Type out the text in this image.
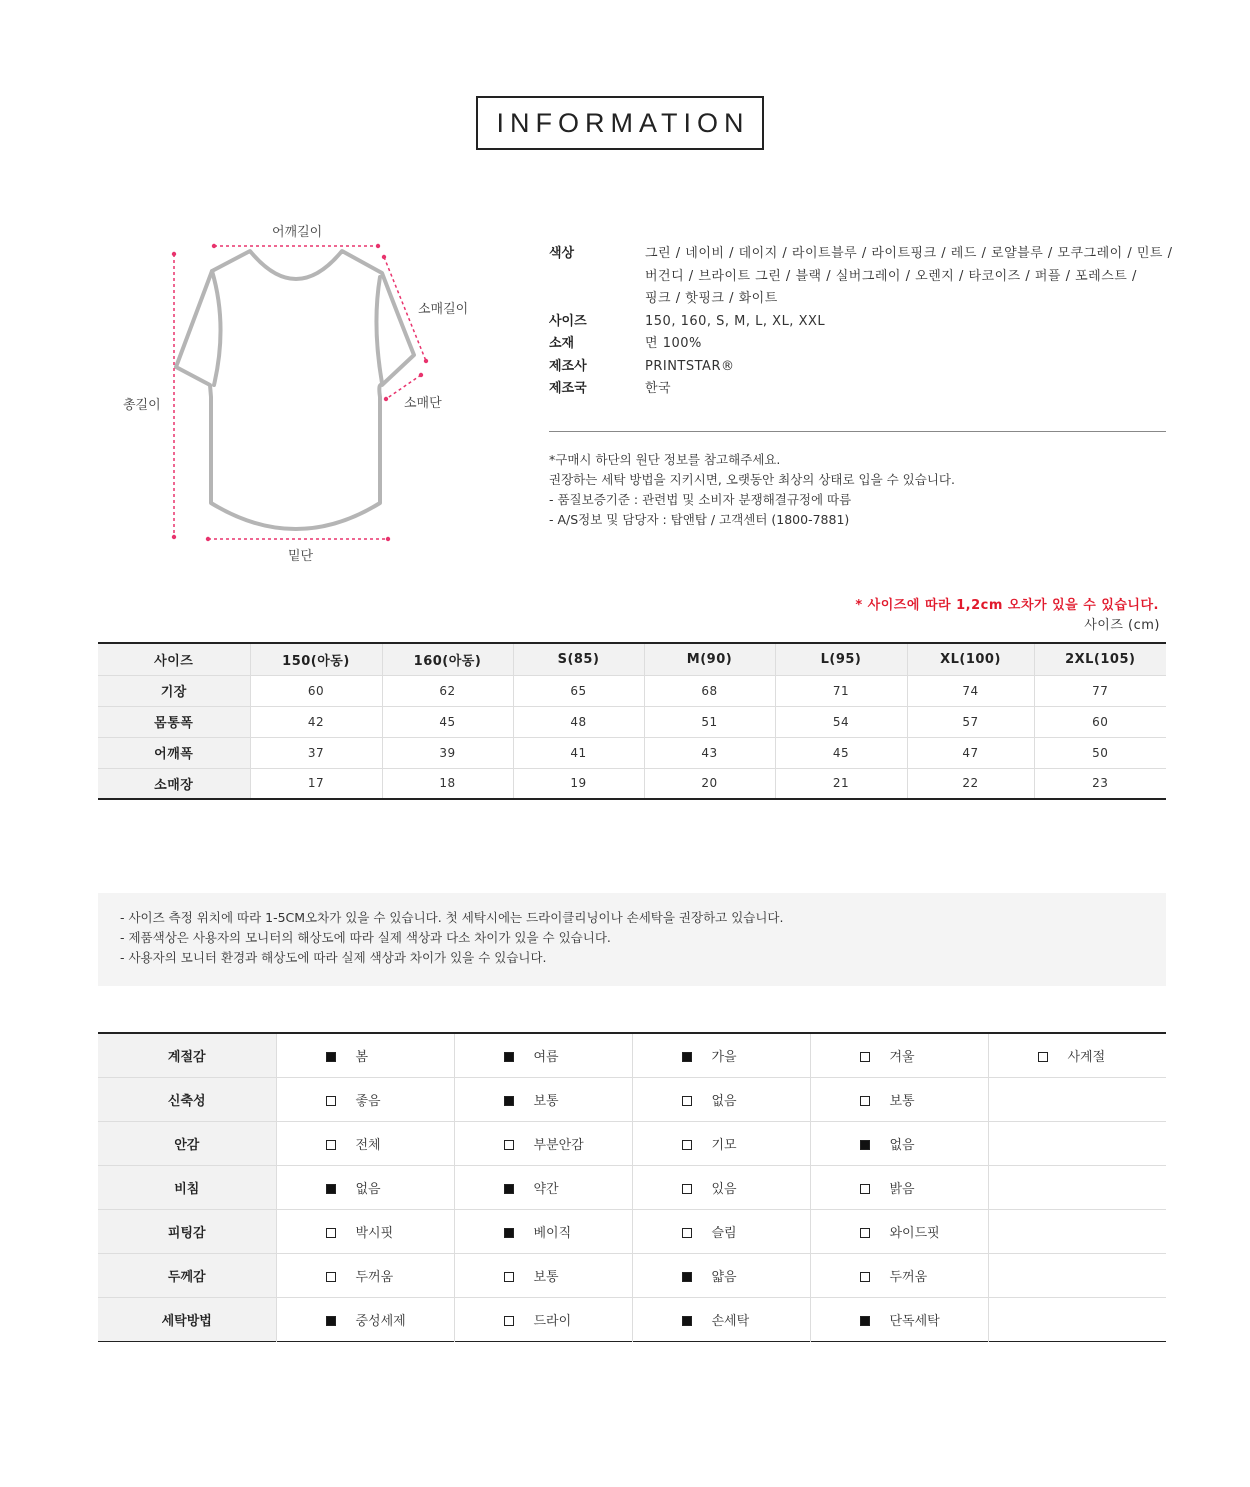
INFORMATION
어깨길이
소매길이
총길이	소매단
밑단
색상	그린 / 네이비 / 데이지 / 라이트블루 / 라이트핑크 / 레드 / 로얄블루 / 모쿠그레이 / 민트 /
버건디 / 브라이트 그린 / 블랙 / 실버그레이 / 오렌지 / 타코이즈 / 퍼플 / 포레스트 /
핑크 / 핫핑크 / 화이트
사이즈	150, 160, S, M, L, XL, XXL
소재	면 100%
제조사	PRINTSTAR®
제조국	한국
*구매시 하단의 원단 정보를 참고해주세요.
권장하는 세탁 방법을 지키시면, 오랫동안 최상의 상태로 입을 수 있습니다.
- 품질보증기준 : 관련법 및 소비자 분쟁해결규정에 따름
- A/S정보 및 담당자 : 탑앤탑 / 고객센터 (1800-7881)
* 사이즈에 따라 1,2cm 오차가 있을 수 있습니다.
사이즈 (cm)
사이즈	150(아동)	160(아동)	S(85)	M(90)	L(95)	XL(100)	2XL(105)
기장	60	62	65	68	71	74	77
몸통폭	42	45	48	51	54	57	60
어깨폭	37	39	41	43	45	47	50
소매장	17	18	19	20	21	22	23
- 사이즈 측정 위치에 따라 1-5CM오차가 있을 수 있습니다. 첫 세탁시에는 드라이클리닝이나 손세탁을 권장하고 있습니다.
- 제품색상은 사용자의 모니터의 해상도에 따라 실제 색상과 다소 차이가 있을 수 있습니다.
- 사용자의 모니터 환경과 해상도에 따라 실제 색상과 차이가 있을 수 있습니다.
계절감	봄	여름	가을	겨울	사계절
신축성	좋음	보통	없음	보통	
안감	전체	부분안감	기모	없음	
비침	없음	약간	있음	밝음	
피팅감	박시핏	베이직	슬림	와이드핏	
두께감	두꺼움	보통	얇음	두꺼움	
세탁방법	중성세제	드라이	손세탁	단독세탁	
